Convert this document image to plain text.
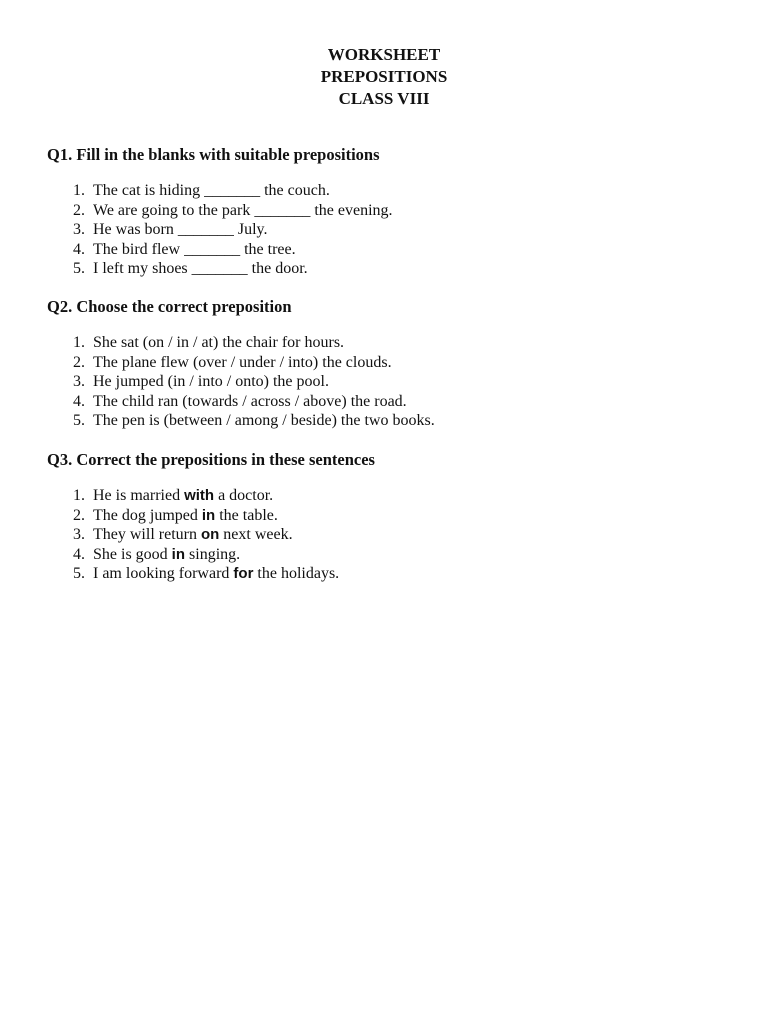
WORKSHEET
PREPOSITIONS
CLASS VIII

Q1. Fill in the blanks with suitable prepositions

1. The cat is hiding _______ the couch.
2. We are going to the park _______ the evening.
3. He was born _______ July.
4. The bird flew _______ the tree.
5. I left my shoes _______ the door.

Q2. Choose the correct preposition

1. She sat (on / in / at) the chair for hours.
2. The plane flew (over / under / into) the clouds.
3. He jumped (in / into / onto) the pool.
4. The child ran (towards / across / above) the road.
5. The pen is (between / among / beside) the two books.

Q3. Correct the prepositions in these sentences

1. He is married with a doctor.
2. The dog jumped in the table.
3. They will return on next week.
4. She is good in singing.
5. I am looking forward for the holidays.
